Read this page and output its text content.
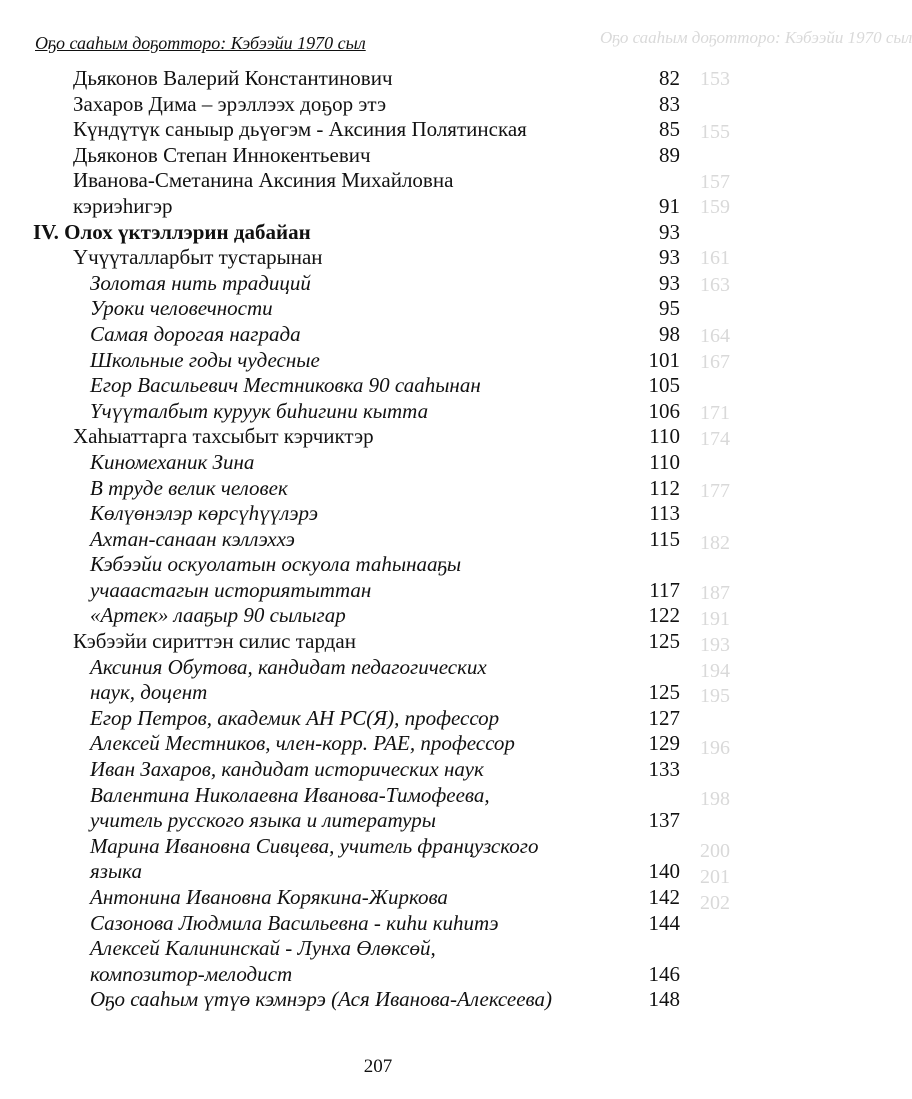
Оҕо сааһым доҕотторо: Кэбээйи 1970 сыл
153
155
157
159
161
163
164
167
171
174
177
182
187
191
193
194
195
196
198
200
201
202
Оҕо сааһым доҕотторо: Кэбээйи 1970 сыл
Дьяконов Валерий Константинович	82
Захаров Дима – эрэллээх доҕор этэ	83
Күндүтүк саныыр дьүөгэм - Аксиния Полятинская	85
Дьяконов Степан Иннокентьевич	89
Иванова-Сметанина Аксиния Михайловна
кэриэһигэр	91
IV. Олох үктэллэрин дабайан	93
Үчүүталларбыт тустарынан	93
Золотая нить традиций	93
Уроки человечности	95
Самая дорогая награда	98
Школьные годы чудесные	101
Егор Васильевич Местниковка 90 сааһынан	105
Үчүүталбыт куруук биһигини кытта	106
Хаһыаттарга тахсыбыт кэрчиктэр	110
Киномеханик Зина	110
В труде велик человек	112
Көлүөнэлэр көрсүһүүлэрэ	113
Ахтан-санаан кэллэххэ	115
Кэбээйи оскуолатын оскуола таһынааҕы
учааастагын историятыттан	117
«Артек» лааҕыр 90 сылыгар	122
Кэбээйи сириттэн силис тардан	125
Аксиния Обутова, кандидат педагогических
наук, доцент	125
Егор Петров, академик АН РС(Я), профессор	127
Алексей Местников, член-корр. РАЕ, профессор	129
Иван Захаров, кандидат исторических наук	133
Валентина Николаевна Иванова-Тимофеева,
учитель русского языка и литературы	137
Марина Ивановна Сивцева, учитель французского
языка	140
Антонина Ивановна Корякина-Жиркова	142
Сазонова Людмила Васильевна - киһи киһитэ	144
Алексей Калининскай - Лунха Өлөксөй,
композитор-мелодист	146
Оҕо сааһым үтүө кэмнэрэ (Ася Иванова-Алексеева)	148
207
